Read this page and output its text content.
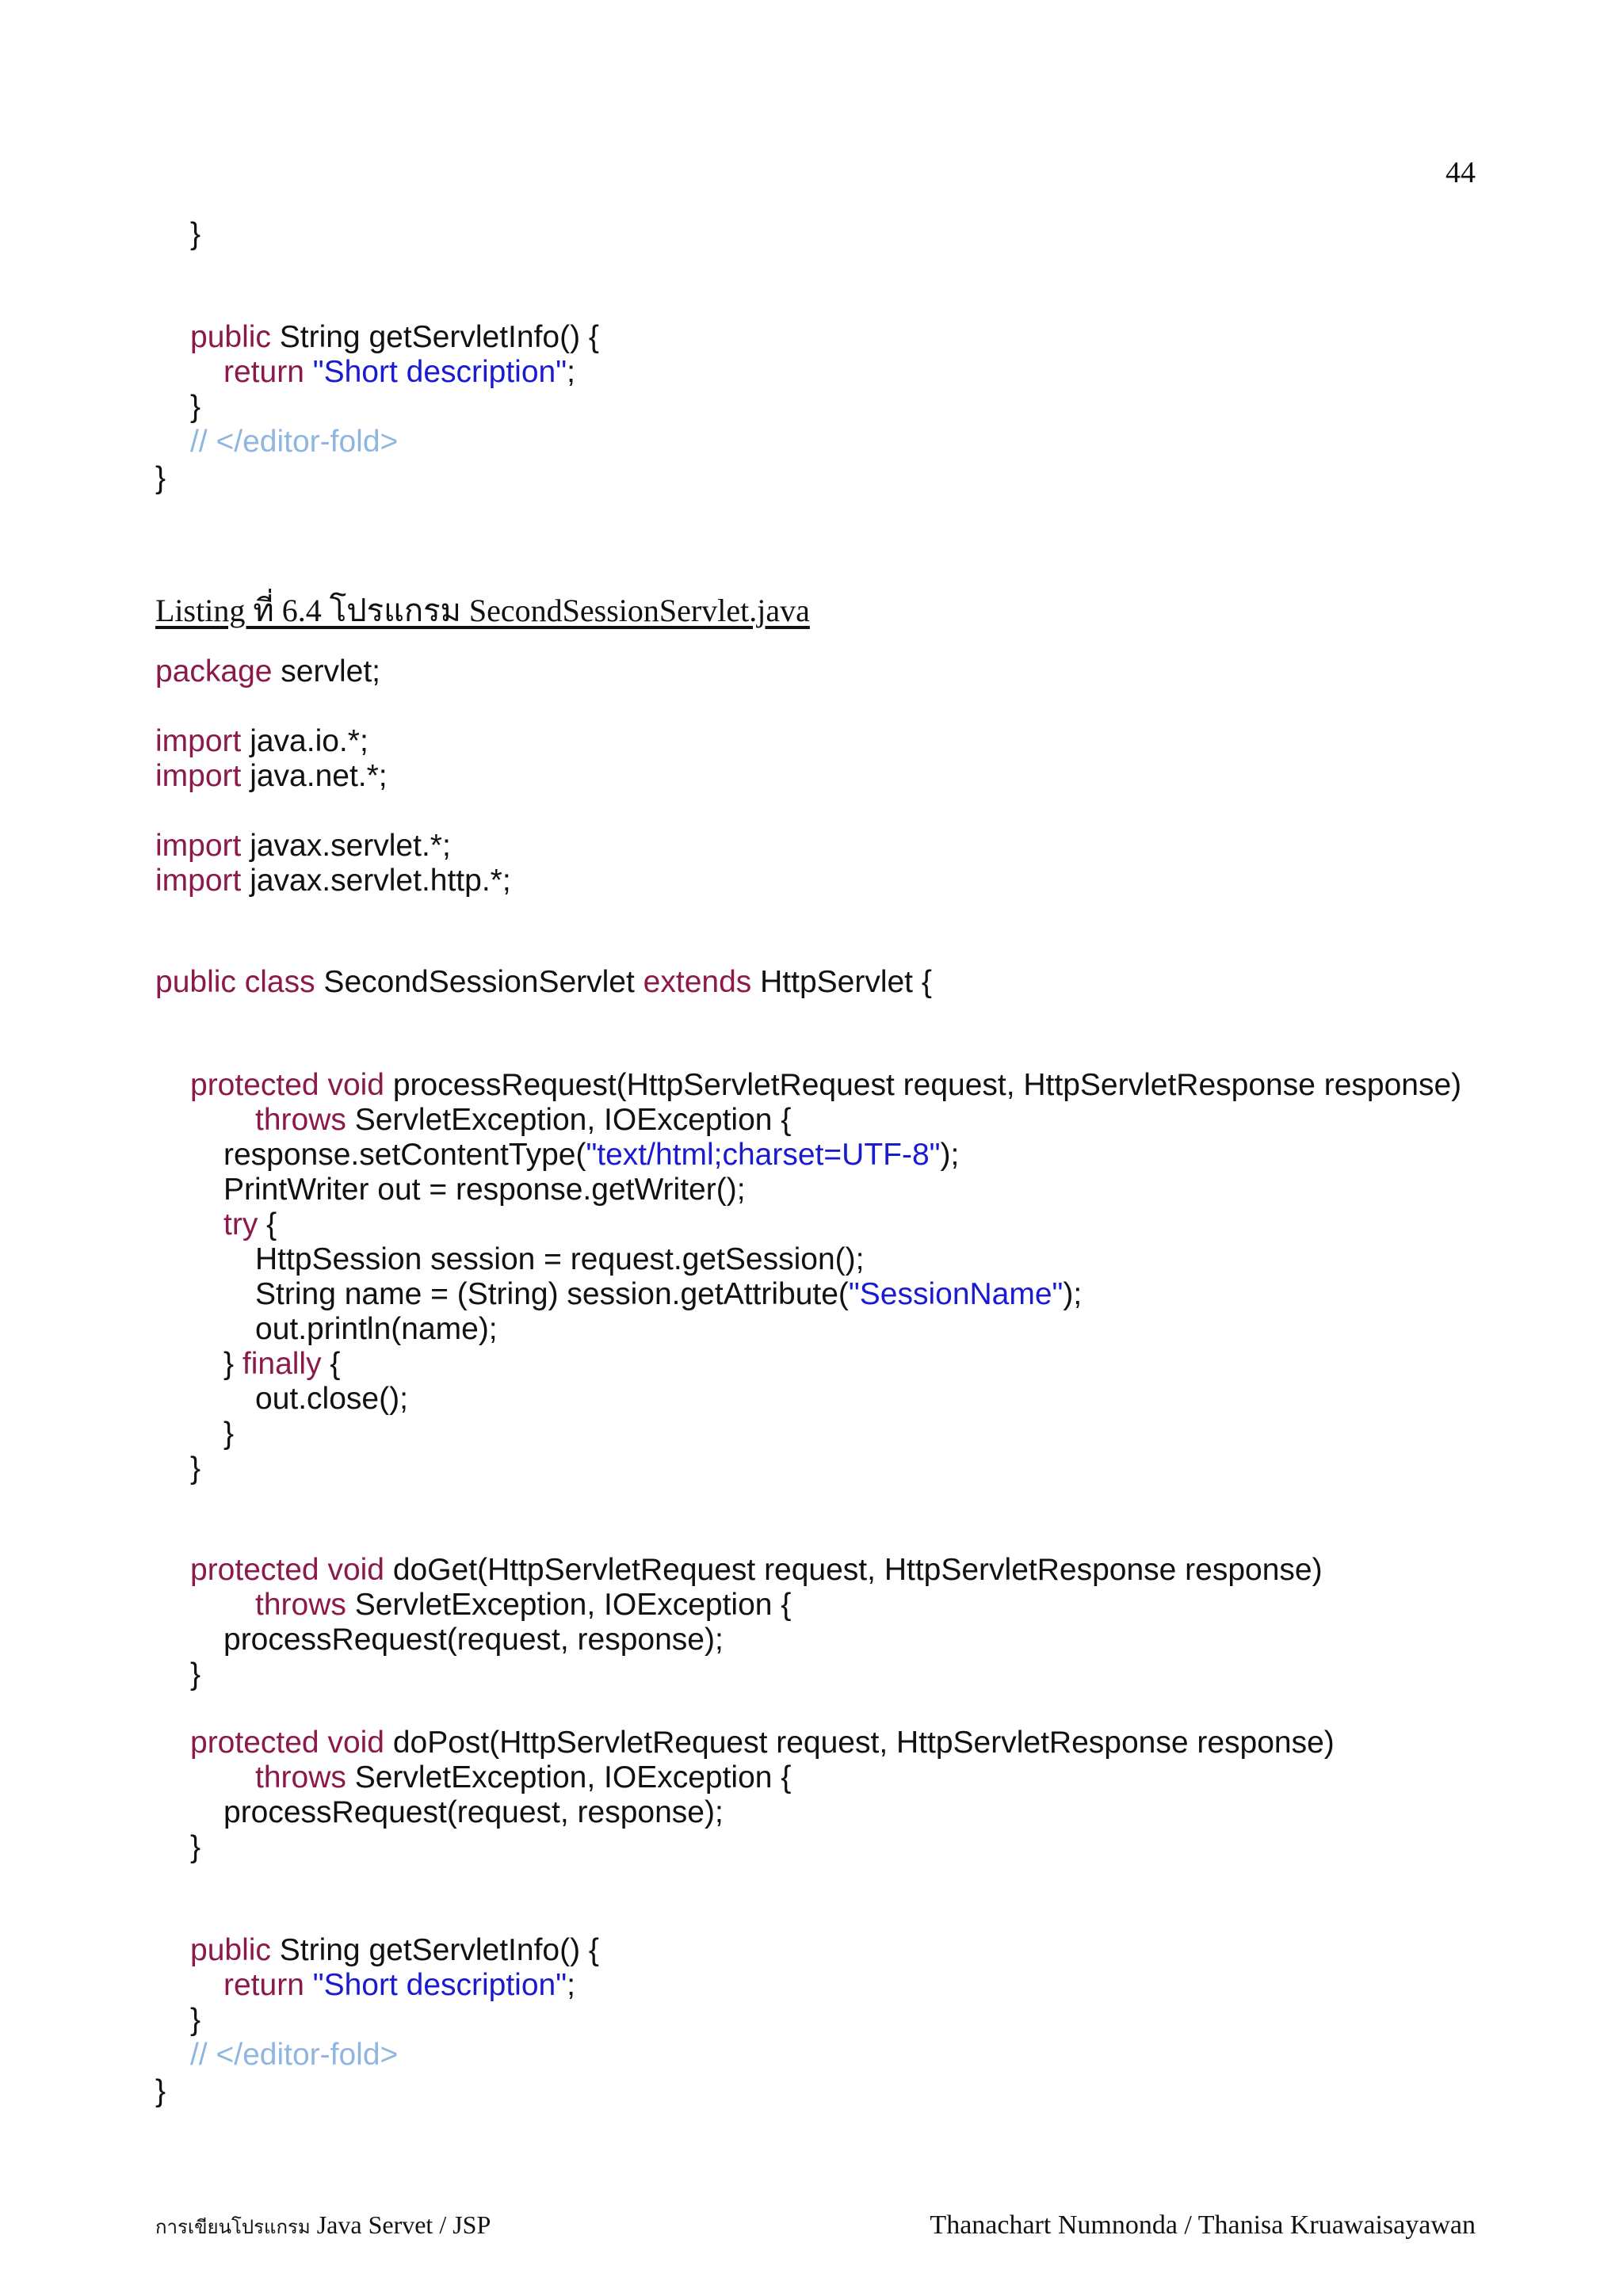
44
}
public String getServletInfo() {
return "Short description";
}
// </editor-fold>
}
Listing ที่ 6.4 โปรแกรม SecondSessionServlet.java
package servlet;
import java.io.*;
import java.net.*;
import javax.servlet.*;
import javax.servlet.http.*;
public class SecondSessionServlet extends HttpServlet {
protected void processRequest(HttpServletRequest request, HttpServletResponse response)
throws ServletException, IOException {
response.setContentType("text/html;charset=UTF-8");
PrintWriter out = response.getWriter();
try {
HttpSession session = request.getSession();
String name = (String) session.getAttribute("SessionName");
out.println(name);
} finally {
out.close();
}
}
protected void doGet(HttpServletRequest request, HttpServletResponse response)
throws ServletException, IOException {
processRequest(request, response);
}
protected void doPost(HttpServletRequest request, HttpServletResponse response)
throws ServletException, IOException {
processRequest(request, response);
}
public String getServletInfo() {
return "Short description";
}
// </editor-fold>
}
การเขียนโปรแกรม Java Servet / JSP	Thanachart Numnonda / Thanisa Kruawaisayawan
